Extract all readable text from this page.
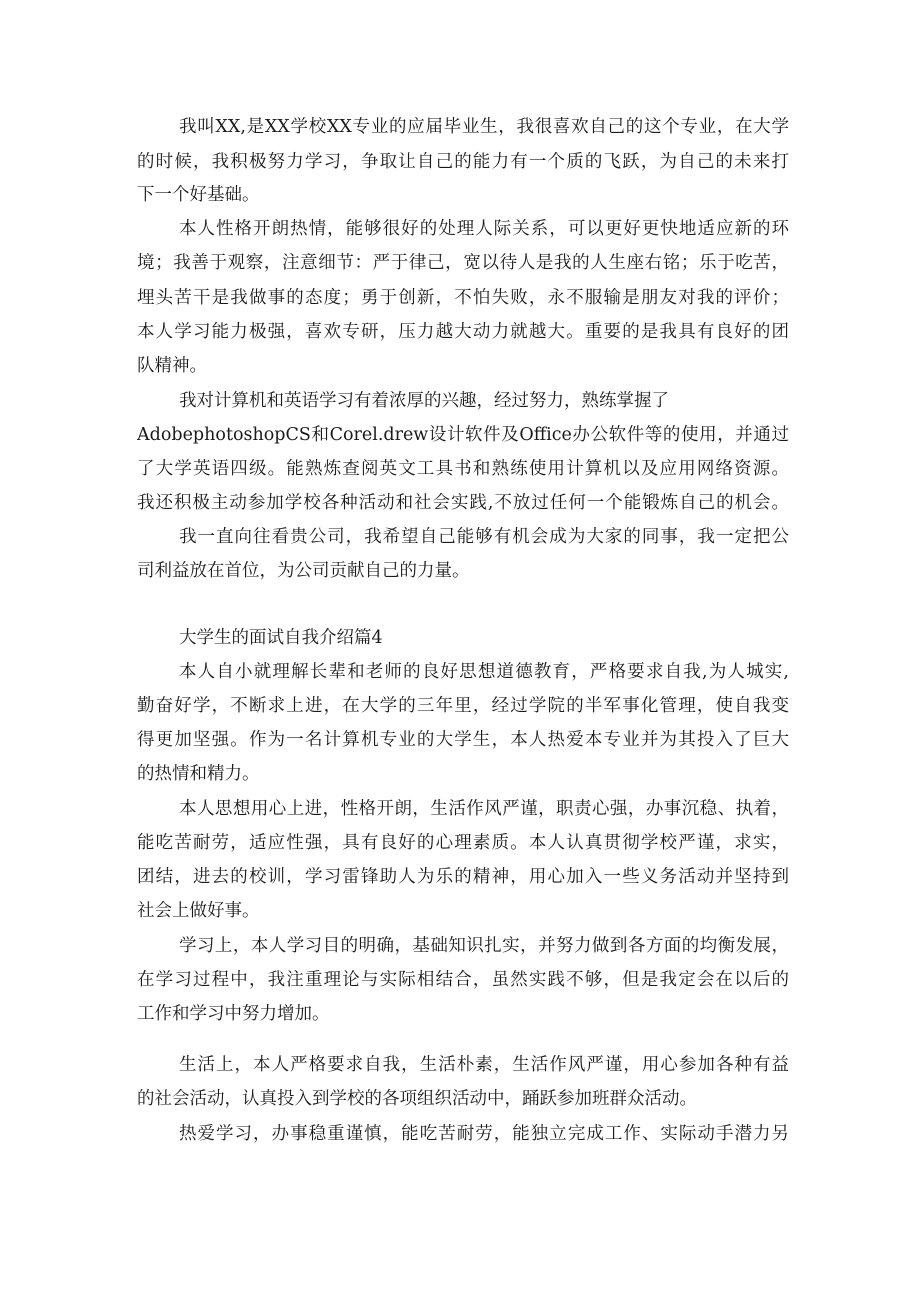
我叫XX,是XX学校XX专业的应届毕业生，我很喜欢自己的这个专业，在大学

的时候，我积极努力学习，争取让自己的能力有一个质的飞跃，为自己的未来打

下一个好基础。

本人性格开朗热情，能够很好的处理人际关系，可以更好更快地适应新的环

境；我善于观察，注意细节：严于律己，宽以待人是我的人生座右铭；乐于吃苦，

埋头苦干是我做事的态度；勇于创新，不怕失败，永不服输是朋友对我的评价；

本人学习能力极强，喜欢专研，压力越大动力就越大。重要的是我具有良好的团

队精神。

我对计算机和英语学习有着浓厚的兴趣，经过努力，熟练掌握了

AdobephotoshopCS和Corel.drew设计软件及Office办公软件等的使用，并通过

了大学英语四级。能熟炼查阅英文工具书和熟练使用计算机以及应用网络资源。

我还积极主动参加学校各种活动和社会实践,不放过任何一个能锻炼自己的机会。

我一直向往看贵公司，我希望自己能够有机会成为大家的同事，我一定把公

司利益放在首位，为公司贡献自己的力量。

大学生的面试自我介绍篇4

本人自小就理解长辈和老师的良好思想道德教育，严格要求自我,为人城实,

勤奋好学，不断求上进，在大学的三年里，经过学院的半军事化管理，使自我变

得更加坚强。作为一名计算机专业的大学生，本人热爱本专业并为其投入了巨大

的热情和精力。

本人思想用心上进，性格开朗，生活作风严谨，职责心强，办事沉稳、执着，

能吃苦耐劳，适应性强，具有良好的心理素质。本人认真贯彻学校严谨，求实，

团结，进去的校训，学习雷锋助人为乐的精神，用心加入一些义务活动并坚持到

社会上做好事。

学习上，本人学习目的明确，基础知识扎实，并努力做到各方面的均衡发展，

在学习过程中，我注重理论与实际相结合，虽然实践不够，但是我定会在以后的

工作和学习中努力增加。

生活上，本人严格要求自我，生活朴素，生活作风严谨，用心参加各种有益

的社会活动，认真投入到学校的各项组织活动中，踊跃参加班群众活动。

热爱学习，办事稳重谨慎，能吃苦耐劳，能独立完成工作、实际动手潜力另
